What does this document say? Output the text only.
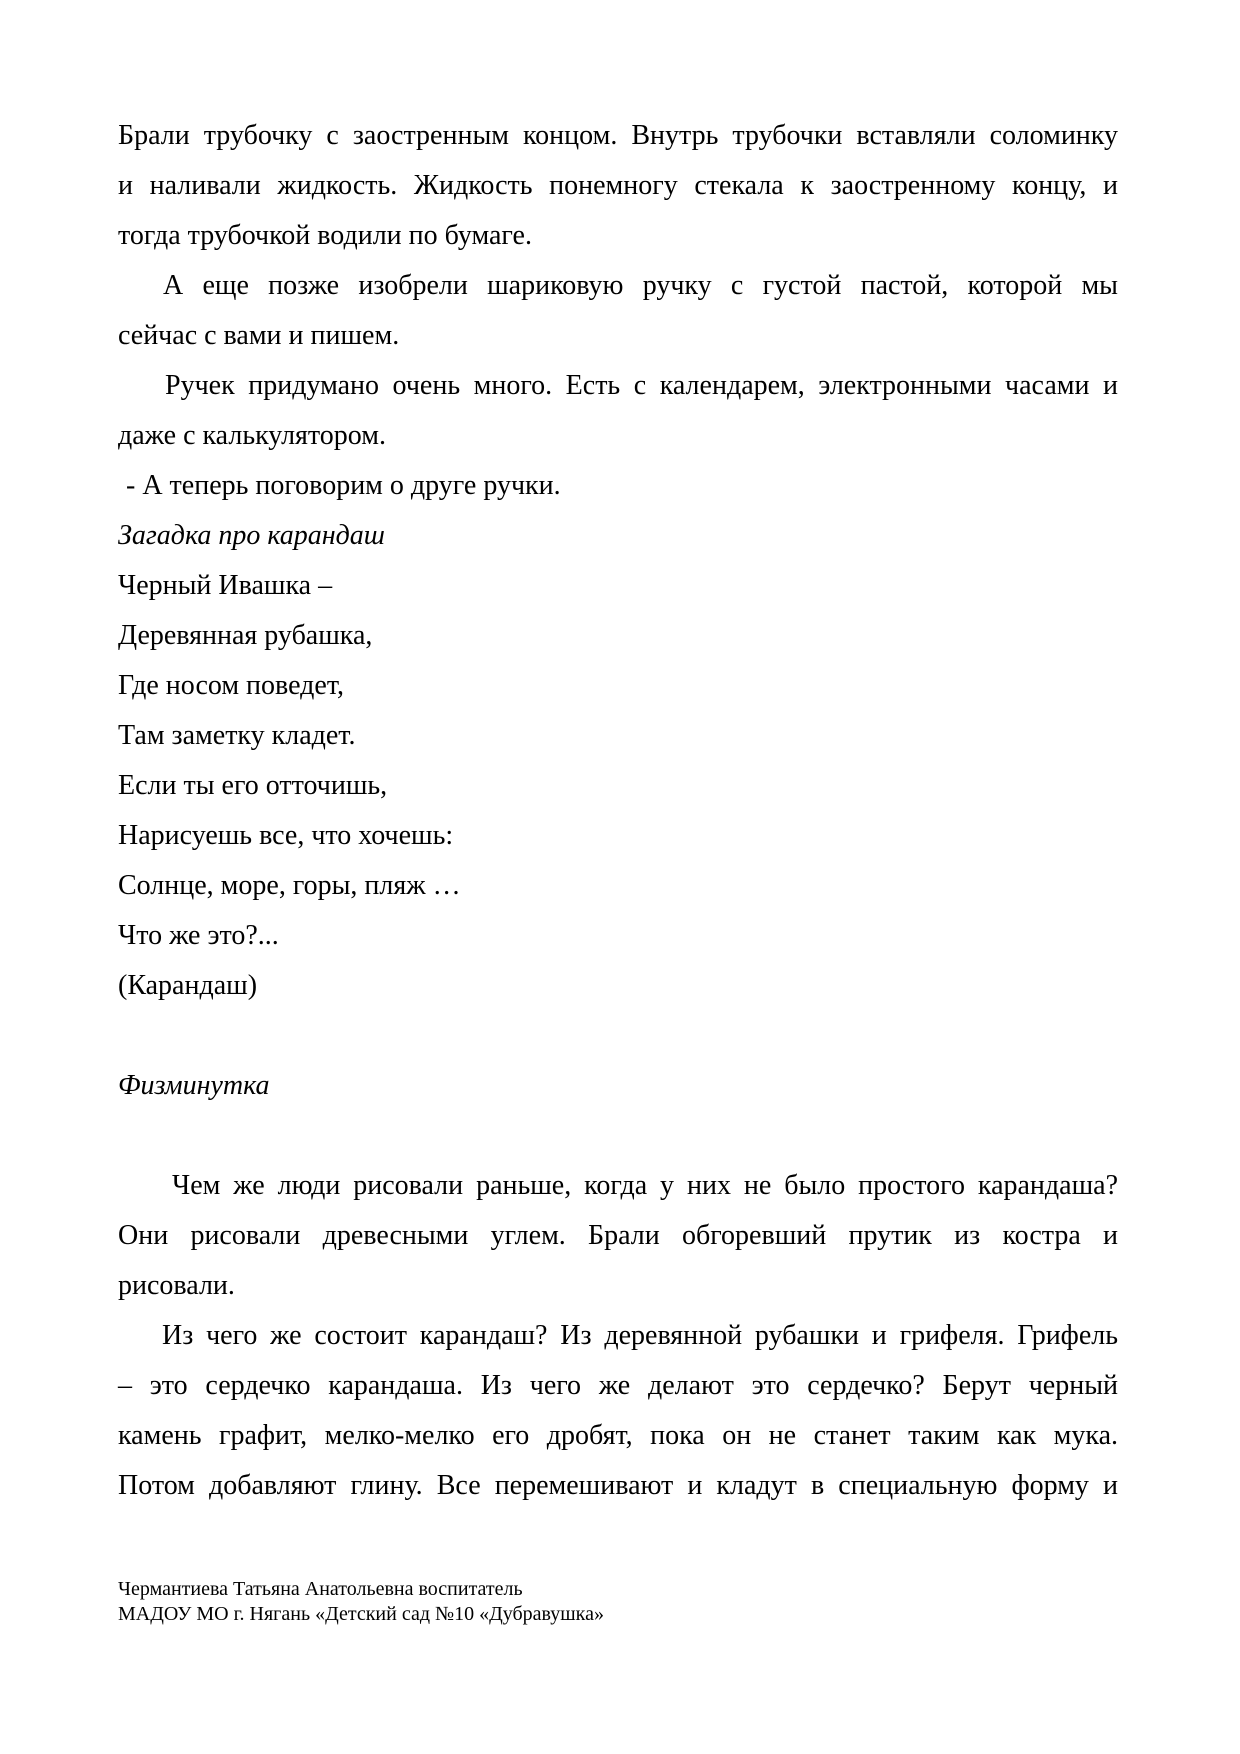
Брали трубочку с заостренным концом. Внутрь трубочки вставляли соломинку
и наливали жидкость. Жидкость понемногу стекала к заостренному концу, и
тогда трубочкой водили по бумаге.
А еще позже изобрели шариковую ручку с густой пастой, которой мы
сейчас с вами и пишем.
Ручек придумано очень много. Есть с календарем, электронными часами и
даже с калькулятором.
- А теперь поговорим о друге ручки.
Загадка про карандаш
Черный Ивашка –
Деревянная рубашка,
Где носом поведет,
Там заметку кладет.
Если ты его отточишь,
Нарисуешь все, что хочешь:
Солнце, море, горы, пляж …
Что же это?...
(Карандаш)

Физминутка

Чем же люди рисовали раньше, когда у них не было простого карандаша?
Они рисовали древесными углем. Брали обгоревший прутик из костра и
рисовали.
Из чего же состоит карандаш? Из деревянной рубашки и грифеля. Грифель
– это сердечко карандаша. Из чего же делают это сердечко? Берут черный
камень графит, мелко-мелко его дробят, пока он не станет таким как мука.
Потом добавляют глину. Все перемешивают и кладут в специальную форму и
Чермантиева Татьяна Анатольевна воспитатель
МАДОУ МО г. Нягань «Детский сад №10 «Дубравушка»
